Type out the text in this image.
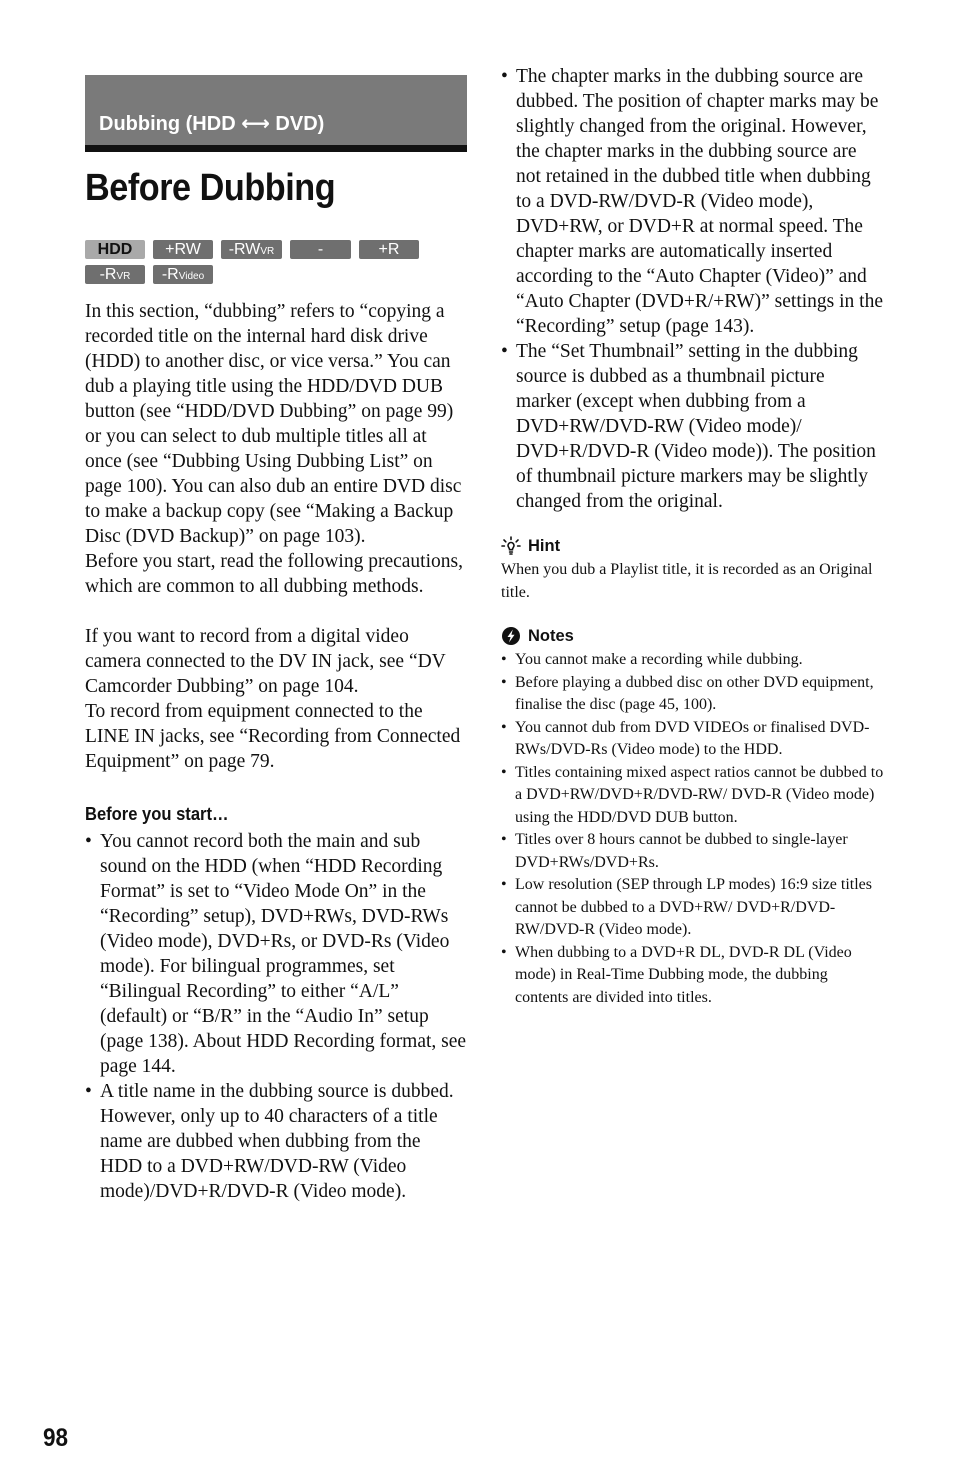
Dubbing (HDD ⟷ DVD)
Before Dubbing
HDD	+RW	-RWVR	-RWVideo
+R
-RVR	-RVideo

In this section, “dubbing” refers to “copying a recorded title on the internal hard disk drive (HDD) to another disc, or vice versa.” You can dub a playing title using the HDD/DVD DUB button (see “HDD/DVD Dubbing” on page 99) or you can select to dub multiple titles all at once (see “Dubbing Using Dubbing List” on page 100). You can also dub an entire DVD disc to make a backup copy (see “Making a Backup Disc (DVD Backup)” on page 103).

Before you start, read the following precautions, which are common to all dubbing methods.

If you want to record from a digital video camera connected to the DV IN jack, see “DV Camcorder Dubbing” on page 104.

To record from equipment connected to the LINE IN jacks, see “Recording from Connected Equipment” on page 79.

Before you start…
• You cannot record both the main and sub sound on the HDD (when “HDD Recording Format” is set to “Video Mode On” in the “Recording” setup), DVD+RWs, DVD-RWs (Video mode), DVD+Rs, or DVD-Rs (Video mode). For bilingual programmes, set “Bilingual Recording” to either “A/L” (default) or “B/R” in the “Audio In” setup (page 138). About HDD Recording format, see page 144.
• A title name in the dubbing source is dubbed. However, only up to 40 characters of a title name are dubbed when dubbing from the HDD to a DVD+RW/DVD-RW (Video mode)/DVD+R/DVD-R (Video mode).
• The chapter marks in the dubbing source are dubbed. The position of chapter marks may be slightly changed from the original. However, the chapter marks in the dubbing source are not retained in the dubbed title when dubbing to a DVD-RW/DVD-R (Video mode), DVD+RW, or DVD+R at normal speed. The chapter marks are automatically inserted according to the “Auto Chapter (Video)” and “Auto Chapter (DVD+R/+RW)” settings in the “Recording” setup (page 143).
• The “Set Thumbnail” setting in the dubbing source is dubbed as a thumbnail picture marker (except when dubbing from a DVD+RW/DVD-RW (Video mode)/ DVD+R/DVD-R (Video mode)). The position of thumbnail picture markers may be slightly changed from the original.
Hint

When you dub a Playlist title, it is recorded as an Original title.

Notes
• You cannot make a recording while dubbing.
• Before playing a dubbed disc on other DVD equipment, finalise the disc (page 45, 100).
• You cannot dub from DVD VIDEOs or finalised DVD-RWs/DVD-Rs (Video mode) to the HDD.
• Titles containing mixed aspect ratios cannot be dubbed to a DVD+RW/DVD+R/DVD-RW/ DVD-R (Video mode) using the HDD/DVD DUB button.
• Titles over 8 hours cannot be dubbed to single-layer DVD+RWs/DVD+Rs.
• Low resolution (SEP through LP modes) 16:9 size titles cannot be dubbed to a DVD+RW/ DVD+R/DVD-RW/DVD-R (Video mode).
• When dubbing to a DVD+R DL, DVD-R DL (Video mode) in Real-Time Dubbing mode, the dubbing contents are divided into titles.
98
